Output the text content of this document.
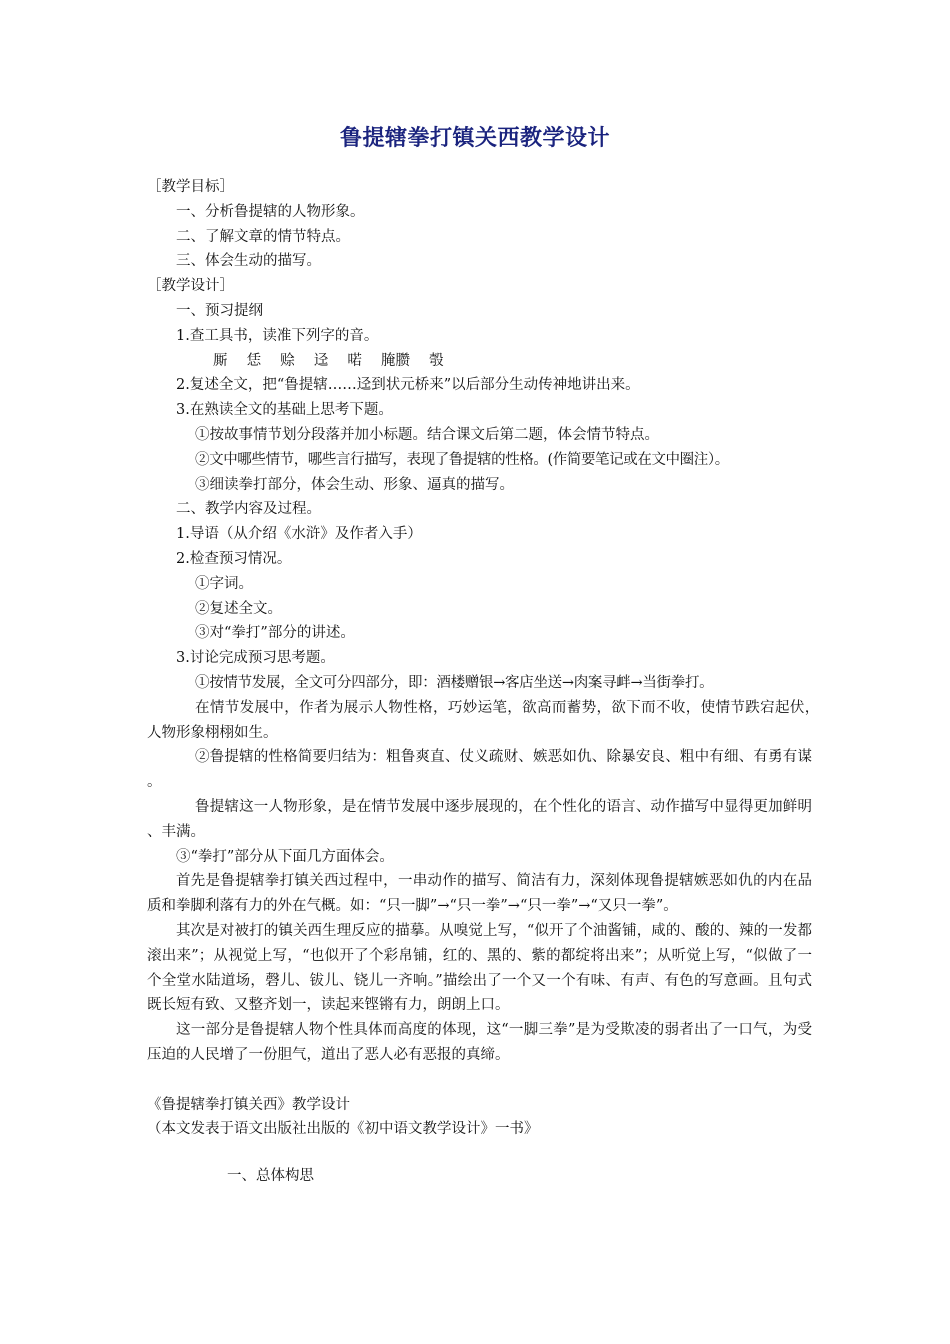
鲁提辖拳打镇关西教学设计
［教学目标］
一、分析鲁提辖的人物形象。
二、了解文章的情节特点。
三、体会生动的描写。
［教学设计］
一、预习提纲
1.查工具书，读准下列字的音。
厮　 恁　 赊　 迳　 喏　 腌臜　 彀
2.复述全文，把“鲁提辖……迳到状元桥来”以后部分生动传神地讲出来。
3.在熟读全文的基础上思考下题。
①按故事情节划分段落并加小标题。结合课文后第二题，体会情节特点。
②文中哪些情节，哪些言行描写，表现了鲁提辖的性格。(作简要笔记或在文中圈注）。
③细读拳打部分，体会生动、形象、逼真的描写。
二、教学内容及过程。
1.导语（从介绍《水浒》及作者入手）
2.检查预习情况。
①字词。
②复述全文。
③对“拳打”部分的讲述。
3.讨论完成预习思考题。
①按情节发展，全文可分四部分，即：酒楼赠银→客店坐送→肉案寻衅→当街拳打。
在情节发展中，作者为展示人物性格，巧妙运笔，欲高而蓄势，欲下而不收，使情节跌宕起伏，　 人物形象栩栩如生。
②鲁提辖的性格简要归结为：粗鲁爽直、仗义疏财、嫉恶如仇、除暴安良、粗中有细、有勇有谋　 。
鲁提辖这一人物形象，是在情节发展中逐步展现的，在个性化的语言、动作描写中显得更加鲜明　 、丰满。
③“拳打”部分从下面几方面体会。
首先是鲁提辖拳打镇关西过程中，一串动作的描写、简洁有力，深刻体现鲁提辖嫉恶如仇的内在品质和拳脚利落有力的外在气概。如：“只一脚”→“只一拳”→“只一拳”→“又只一拳”。
其次是对被打的镇关西生理反应的描摹。从嗅觉上写，“似开了个油酱铺，咸的、酸的、辣的一发都滚出来”；从视觉上写，“也似开了个彩帛铺，红的、黑的、紫的都绽将出来”；从听觉上写，“似做了一个全堂水陆道场，磬儿、钹儿、铙儿一齐响。”描绘出了一个又一个有味、有声、有色的写意画。且句式既长短有致、又整齐划一，读起来铿锵有力，朗朗上口。
这一部分是鲁提辖人物个性具体而高度的体现，这“一脚三拳”是为受欺凌的弱者出了一口气，为受压迫的人民增了一份胆气，道出了恶人必有恶报的真缔。
《鲁提辖拳打镇关西》教学设计
（本文发表于语文出版社出版的《初中语文教学设计》一书》
一、总体构思
